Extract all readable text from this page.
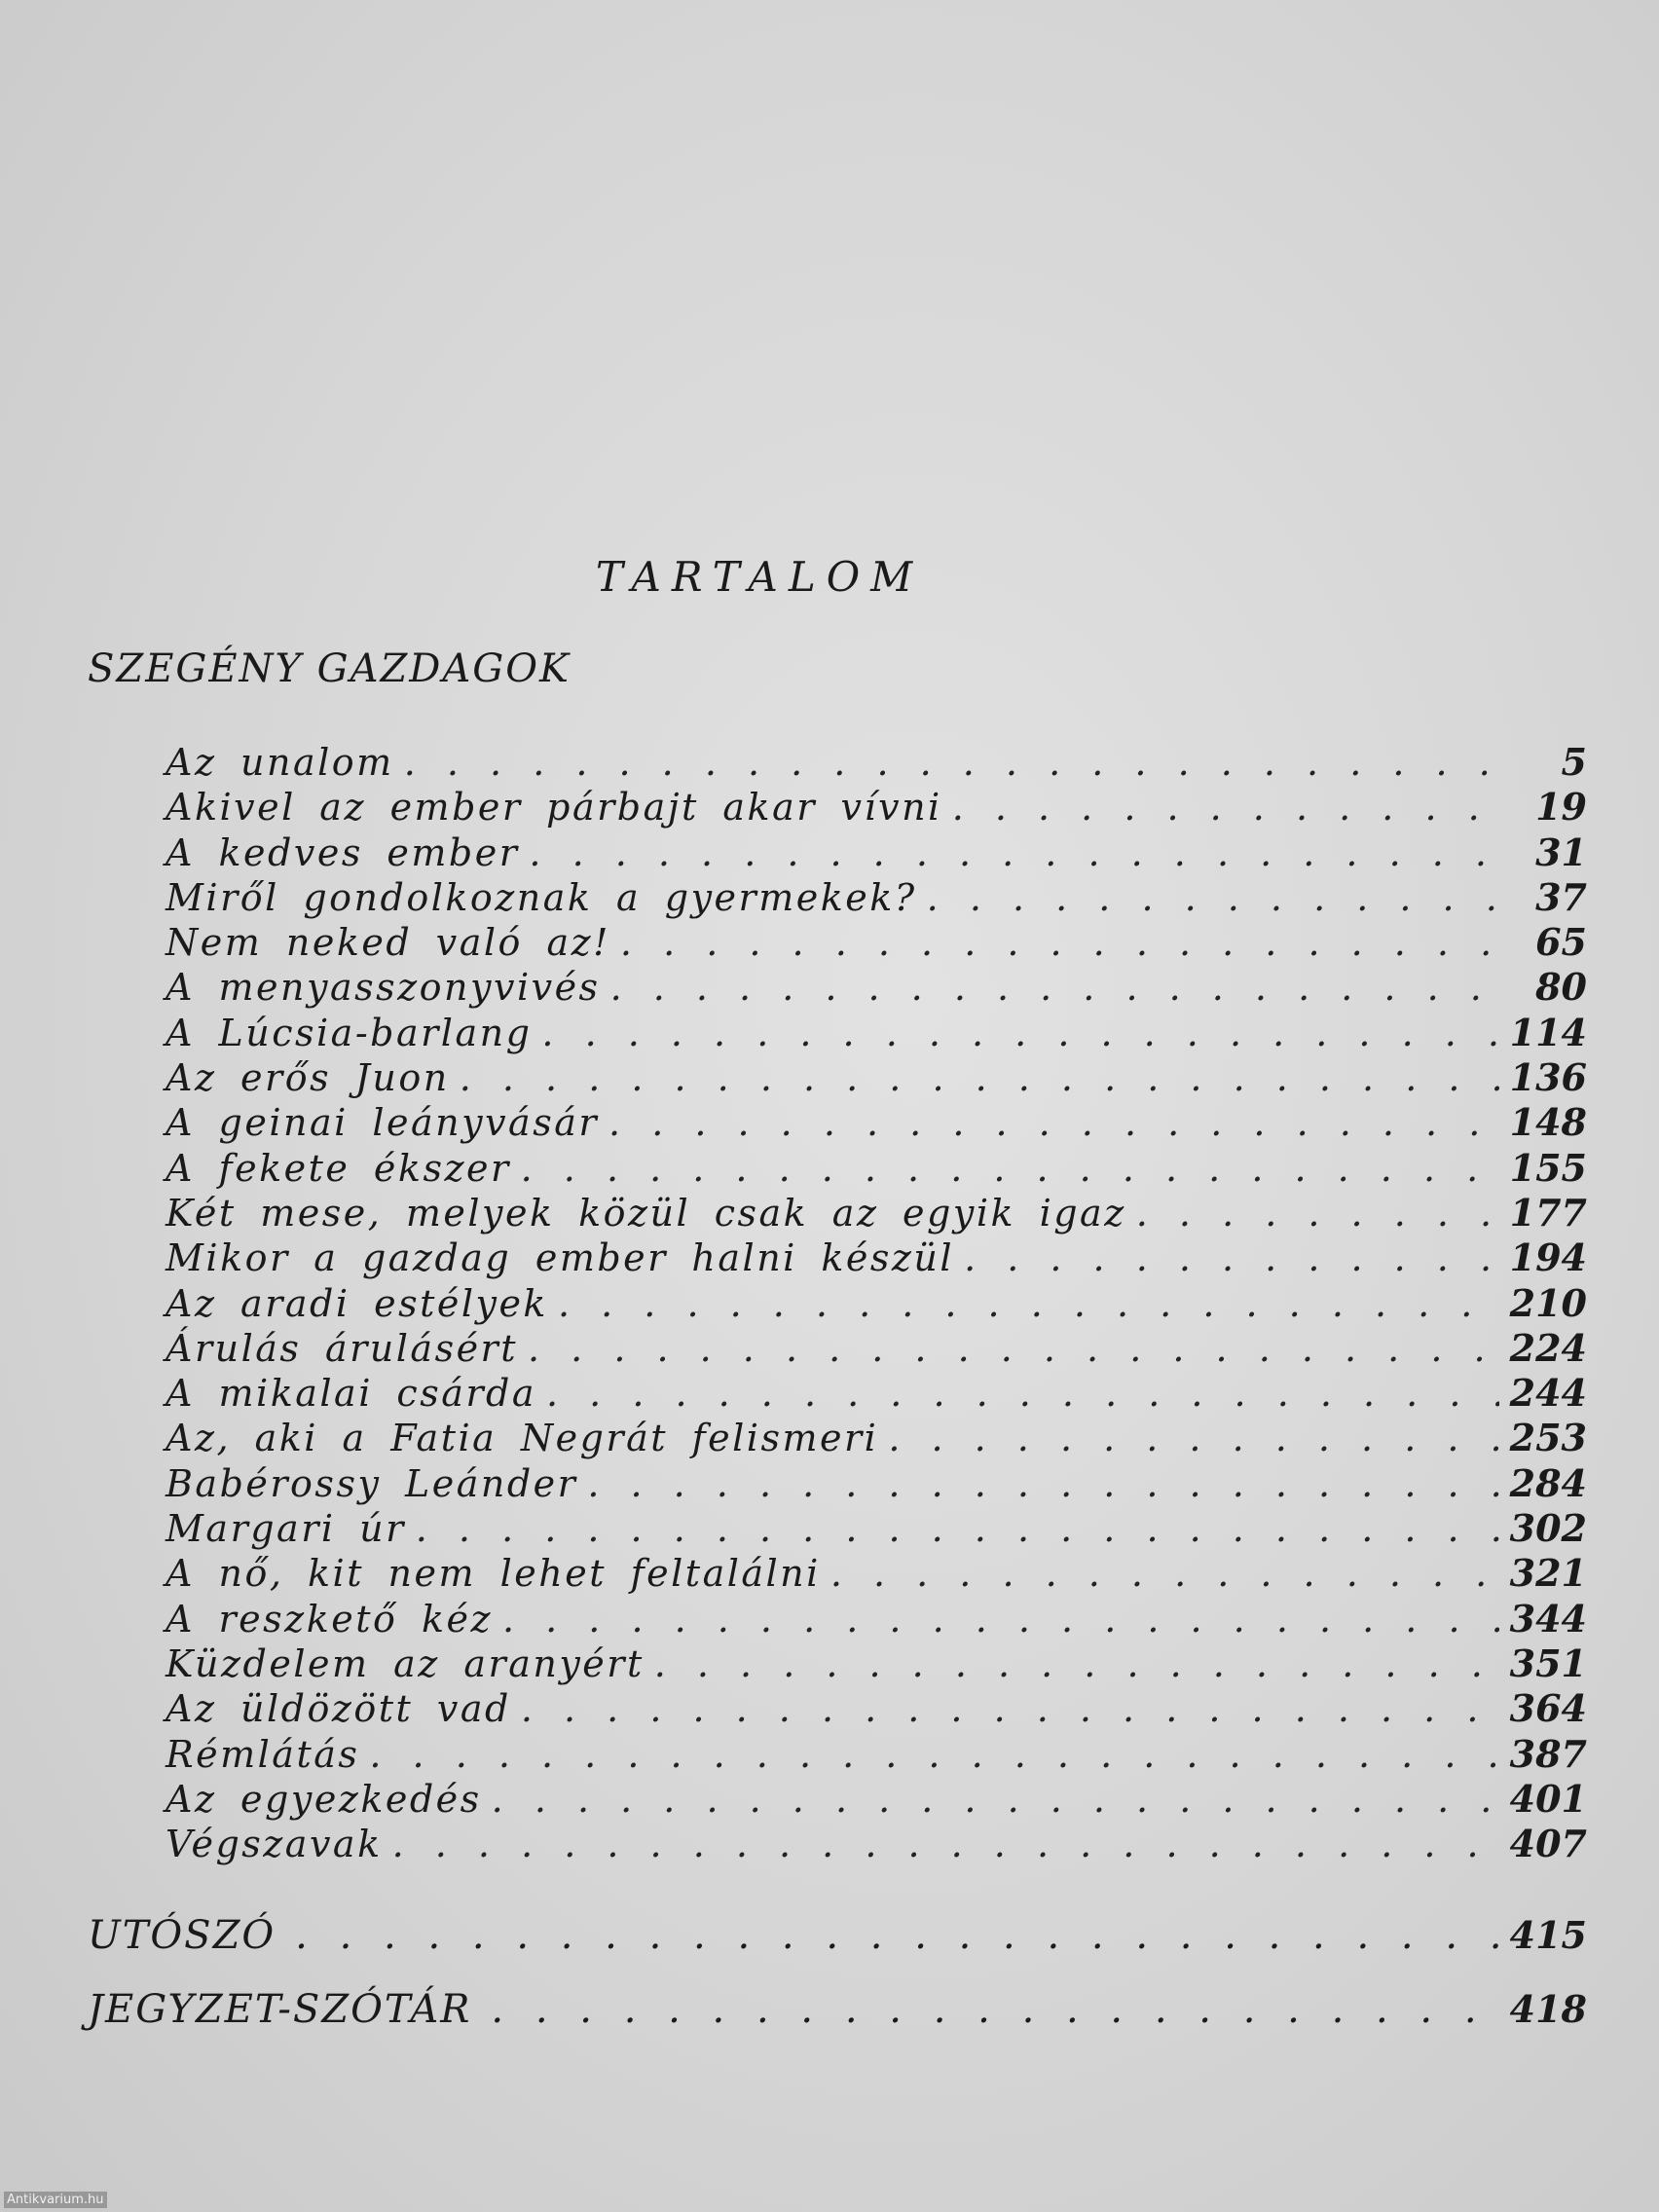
TARTALOM
SZEGÉNY GAZDAGOK
Az unalom . . .	5
Akivel az ember párbajt akar vívni . . .	19
A kedves ember . . .	31
Miről gondolkoznak a gyermekek? . . .	37
Nem neked való az! . . .	65
A menyasszonyvivés . . .	80
A Lúcsia-barlang . . .	114
Az erős Juon . . .	136
A geinai leányvásár . . .	148
A fekete ékszer . . .	155
Két mese, melyek közül csak az egyik igaz . . .	177
Mikor a gazdag ember halni készül . . .	194
Az aradi estélyek . . .	210
Árulás árulásért . . .	224
A mikalai csárda . . .	244
Az, aki a Fatia Negrát felismeri . . .	253
Babérossy Leánder . . .	284
Margari úr . . .	302
A nő, kit nem lehet feltalálni . . .	321
A reszkető kéz . . .	344
Küzdelem az aranyért . . .	351
Az üldözött vad . . .	364
Rémlátás . . .	387
Az egyezkedés . . .	401
Végszavak . . .	407
UTÓSZÓ . . .	415
JEGYZET-SZÓTÁR . . .	418
Antikvarium.hu
